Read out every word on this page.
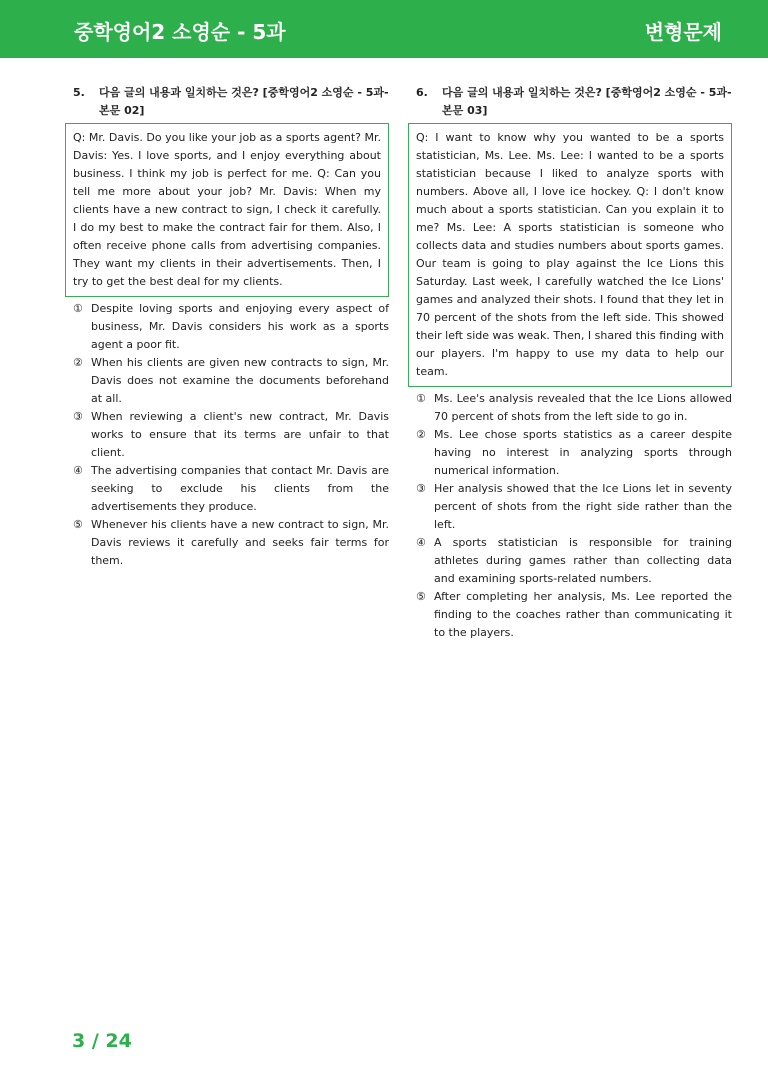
중학영어2 소영순 - 5과	변형문제
5.	다음 글의 내용과 일치하는 것은? [중학영어2 소영순 - 5과-본문 02]
Q: Mr. Davis. Do you like your job as a sports agent? Mr. Davis: Yes. I love sports, and I enjoy everything about business. I think my job is perfect for me. Q: Can you tell me more about your job? Mr. Davis: When my clients have a new contract to sign, I check it carefully. I do my best to make the contract fair for them. Also, I often receive phone calls from advertising companies. They want my clients in their advertisements. Then, I try to get the best deal for my clients.
① Despite loving sports and enjoying every aspect of business, Mr. Davis considers his work as a sports agent a poor fit.
② When his clients are given new contracts to sign, Mr. Davis does not examine the documents beforehand at all.
③ When reviewing a client's new contract, Mr. Davis works to ensure that its terms are unfair to that client.
④ The advertising companies that contact Mr. Davis are seeking to exclude his clients from the advertisements they produce.
⑤ Whenever his clients have a new contract to sign, Mr. Davis reviews it carefully and seeks fair terms for them.
6.	다음 글의 내용과 일치하는 것은? [중학영어2 소영순 - 5과-본문 03]
Q: I want to know why you wanted to be a sports statistician, Ms. Lee. Ms. Lee: I wanted to be a sports statistician because I liked to analyze sports with numbers. Above all, I love ice hockey. Q: I don't know much about a sports statistician. Can you explain it to me? Ms. Lee: A sports statistician is someone who collects data and studies numbers about sports games. Our team is going to play against the Ice Lions this Saturday. Last week, I carefully watched the Ice Lions' games and analyzed their shots. I found that they let in 70 percent of the shots from the left side. This showed their left side was weak. Then, I shared this finding with our players. I'm happy to use my data to help our team.
① Ms. Lee's analysis revealed that the Ice Lions allowed 70 percent of shots from the left side to go in.
② Ms. Lee chose sports statistics as a career despite having no interest in analyzing sports through numerical information.
③ Her analysis showed that the Ice Lions let in seventy percent of shots from the right side rather than the left.
④ A sports statistician is responsible for training athletes during games rather than collecting data and examining sports-related numbers.
⑤ After completing her analysis, Ms. Lee reported the finding to the coaches rather than communicating it to the players.
3 / 24
